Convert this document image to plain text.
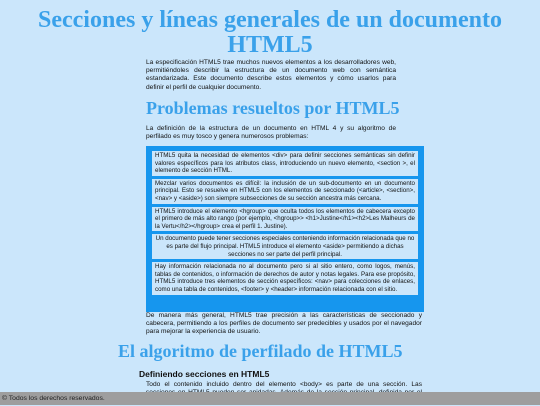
Secciones y líneas generales de un documento HTML5

La especificación HTML5 trae muchos nuevos elementos a los desarrolladores web, permitiéndoles describir la estructura de un documento web con semántica estandarizada. Este documento describe estos elementos y cómo usarlos para definir el perfil de cualquier documento.

Problemas resueltos por HTML5

La definición de la estructura de un documento en HTML 4 y su algoritmo de perfilado es muy tosco y genera numerosos problemas:

HTML5 quita la necesidad de elementos <div> para definir secciones semánticas sin definir valores específicos para los atributos class, introduciendo un nuevo elemento, <section >, el elemento de sección HTML.
Mezclar varios documentos es difícil: la inclusión de un sub-documento en un documento principal. Esto se resuelve en HTML5 con los elementos de seccionado (<article>, <section>, <nav> y <aside>) son siempre subsecciones de su sección ancestra más cercana.
HTML5 introduce el elemento <hgroup> que oculta todos los elementos de cabecera excepto el primero de más alto rango (por ejemplo, <hgroup>> <h1>Justine</h1><h2>Les Malheurs de la Vertu</h2></hgroup> crea el perfil 1. Justine).
Un documento puede tener secciones especiales conteniendo información relacionada que no es parte del flujo principal. HTML5 introduce el elemento <aside> permitiendo a dichas secciones no ser parte del perfil principal.
Hay información relacionada no al documento pero si al sitio entero, como logos, menús, tablas de contenidos, o información de derechos de autor y notas legales. Para ese propósito, HTML5 introduce tres elementos de sección específicos: <nav> para colecciones de enlaces, como una tabla de contenidos, <footer> y <header> información relacionada con el sitio.

De manera más general, HTML5 trae precisión a las características de seccionado y cabecera, permitiendo a los perfiles de documento ser predecibles y usados por el navegador para mejorar la experiencia de usuario.

El algoritmo de perfilado de HTML5
Definiendo secciones en HTML5

Todo el contenido incluido dentro del elemento <body> es parte de una sección. Las

© Todos los derechos reservados.
